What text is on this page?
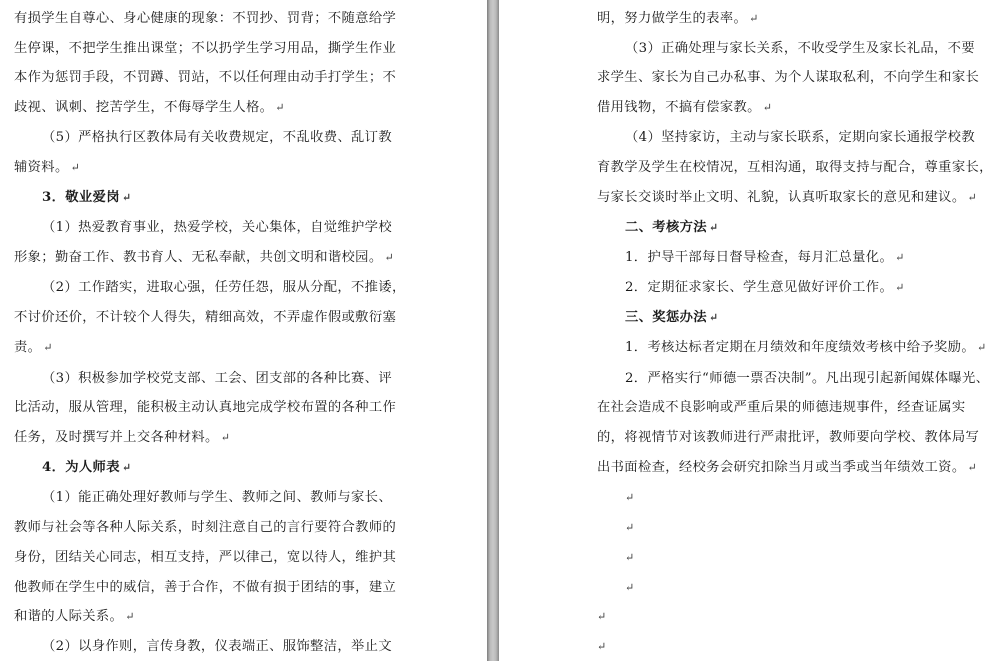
有损学生自尊心、身心健康的现象：不罚抄、罚背；不随意给学

生停课，不把学生推出课堂；不以扔学生学习用品，撕学生作业

本作为惩罚手段，不罚蹲、罚站，不以任何理由动手打学生；不

歧视、讽刺、挖苦学生，不侮辱学生人格。 ↵

（5）严格执行区教体局有关收费规定，不乱收费、乱订教

辅资料。 ↵

3．敬业爱岗 ↵

（1）热爱教育事业，热爱学校，关心集体，自觉维护学校

形象；勤奋工作、教书育人、无私奉献，共创文明和谐校园。 ↵

（2）工作踏实，进取心强，任劳任怨，服从分配，不推诿，

不讨价还价，不计较个人得失，精细高效，不弄虚作假或敷衍塞

责。 ↵

（3）积极参加学校党支部、工会、团支部的各种比赛、评

比活动，服从管理，能积极主动认真地完成学校布置的各种工作

任务，及时撰写并上交各种材料。 ↵

4．为人师表 ↵

（1）能正确处理好教师与学生、教师之间、教师与家长、

教师与社会等各种人际关系，时刻注意自己的言行要符合教师的

身份，团结关心同志，相互支持，严以律己，宽以待人，维护其

他教师在学生中的威信，善于合作，不做有损于团结的事，建立

和谐的人际关系。 ↵

（2）以身作则，言传身教，仪表端正、服饰整洁，举止文

明，努力做学生的表率。 ↵

（3）正确处理与家长关系，不收受学生及家长礼品，不要

求学生、家长为自己办私事、为个人谋取私利，不向学生和家长

借用钱物，不搞有偿家教。 ↵

（4）坚持家访，主动与家长联系，定期向家长通报学校教

育教学及学生在校情况，互相沟通，取得支持与配合，尊重家长，

与家长交谈时举止文明、礼貌，认真听取家长的意见和建议。 ↵

二、考核方法 ↵

1．护导干部每日督导检查，每月汇总量化。 ↵

2．定期征求家长、学生意见做好评价工作。 ↵

三、奖惩办法 ↵

1．考核达标者定期在月绩效和年度绩效考核中给予奖励。 ↵

2．严格实行“师德一票否决制”。凡出现引起新闻媒体曝光、

在社会造成不良影响或严重后果的师德违规事件，经查证属实

的，将视情节对该教师进行严肃批评，教师要向学校、教体局写

出书面检查，经校务会研究扣除当月或当季或当年绩效工资。 ↵

↵

↵

↵

↵

↵

↵
